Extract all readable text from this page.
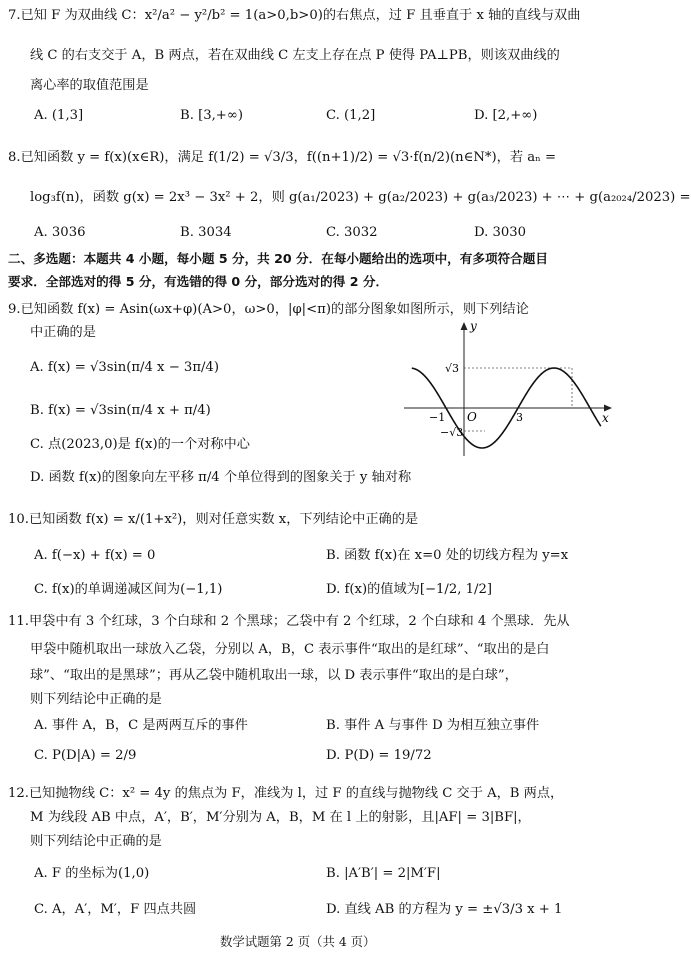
7.已知 F 为双曲线 C：x²/a² − y²/b² = 1(a>0,b>0)的右焦点，过 F 且垂直于 x 轴的直线与双曲
线 C 的右支交于 A，B 两点，若在双曲线 C 左支上存在点 P 使得 PA⊥PB，则该双曲线的
离心率的取值范围是
A. (1,3]	B. [3,+∞)	C. (1,2]	D. [2,+∞)
8.已知函数 y = f(x)(x∈R)，满足 f(1/2) = √3/3，f((n+1)/2) = √3·f(n/2)(n∈N*)，若 aₙ =
log₃f(n)，函数 g(x) = 2x³ − 3x² + 2，则 g(a₁/2023) + g(a₂/2023) + g(a₃/2023) + ⋯ + g(a₂₀₂₄/2023) =
A. 3036	B. 3034	C. 3032	D. 3030
二、多选题：本题共 4 小题，每小题 5 分，共 20 分．在每小题给出的选项中，有多项符合题目
要求．全部选对的得 5 分，有选错的得 0 分，部分选对的得 2 分．
9.已知函数 f(x) = Asin(ωx+φ)(A>0，ω>0，|φ|<π)的部分图象如图所示，则下列结论
中正确的是
A. f(x) = √3sin(π/4 x − 3π/4)
B. f(x) = √3sin(π/4 x + π/4)
C. 点(2023,0)是 f(x)的一个对称中心
D. 函数 f(x)的图象向左平移 π/4 个单位得到的图象关于 y 轴对称
y
x
O
√3
−√3
−1	3
10.已知函数 f(x) = x/(1+x²)，则对任意实数 x，下列结论中正确的是
A. f(−x) + f(x) = 0	B. 函数 f(x)在 x=0 处的切线方程为 y=x
C. f(x)的单调递减区间为(−1,1)	D. f(x)的值域为[−1/2, 1/2]
11.甲袋中有 3 个红球，3 个白球和 2 个黑球；乙袋中有 2 个红球，2 个白球和 4 个黑球．先从
甲袋中随机取出一球放入乙袋，分别以 A，B，C 表示事件“取出的是红球”、“取出的是白
球”、“取出的是黑球”；再从乙袋中随机取出一球，以 D 表示事件“取出的是白球”，
则下列结论中正确的是
A. 事件 A，B，C 是两两互斥的事件	B. 事件 A 与事件 D 为相互独立事件
C. P(D|A) = 2/9	D. P(D) = 19/72
12.已知抛物线 C：x² = 4y 的焦点为 F，准线为 l，过 F 的直线与抛物线 C 交于 A，B 两点，
M 为线段 AB 中点，A′，B′，M′分别为 A，B，M 在 l 上的射影，且|AF| = 3|BF|，
则下列结论中正确的是
A. F 的坐标为(1,0)	B. |A′B′| = 2|M′F|
C. A，A′，M′，F 四点共圆	D. 直线 AB 的方程为 y = ±√3/3 x + 1
数学试题第 2 页（共 4 页）
